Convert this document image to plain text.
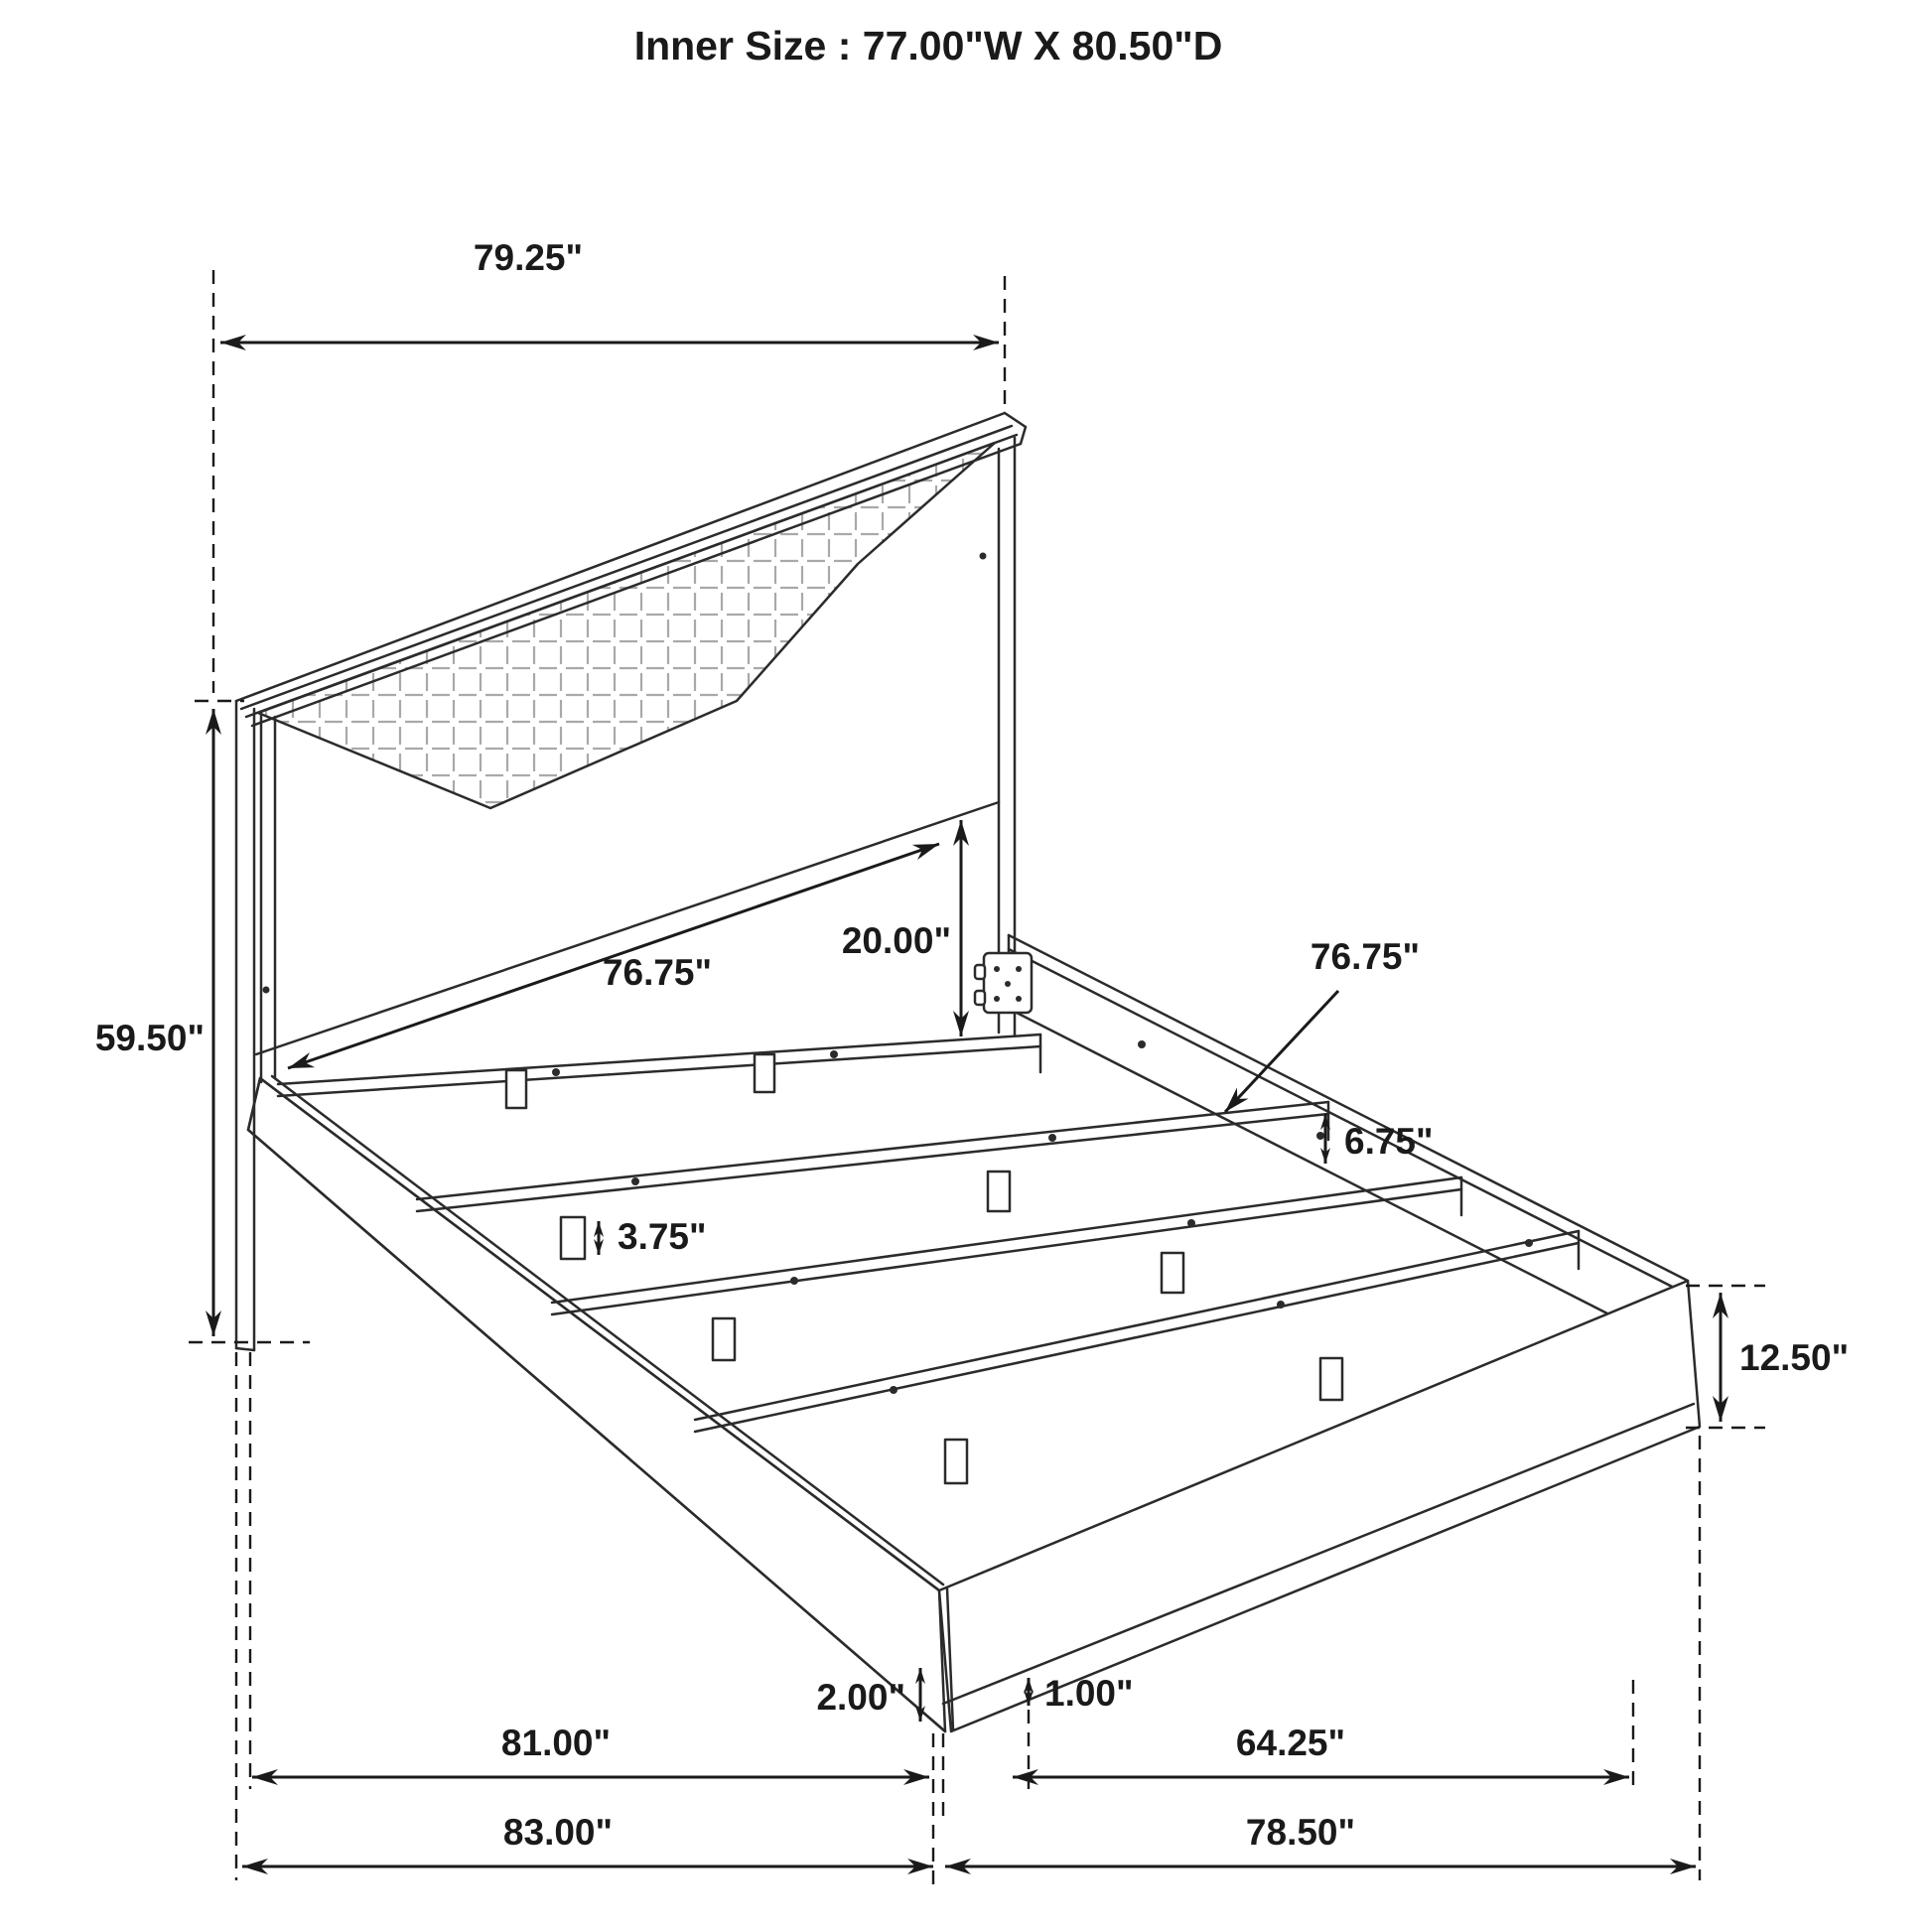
Inner Size : 77.00"W X 80.50"D
79.25"
59.50"
76.75"
20.00"	76.75"
6.75"
3.75"
12.50"
2.00"	1.00"
81.00"	64.25"
83.00"	78.50"
